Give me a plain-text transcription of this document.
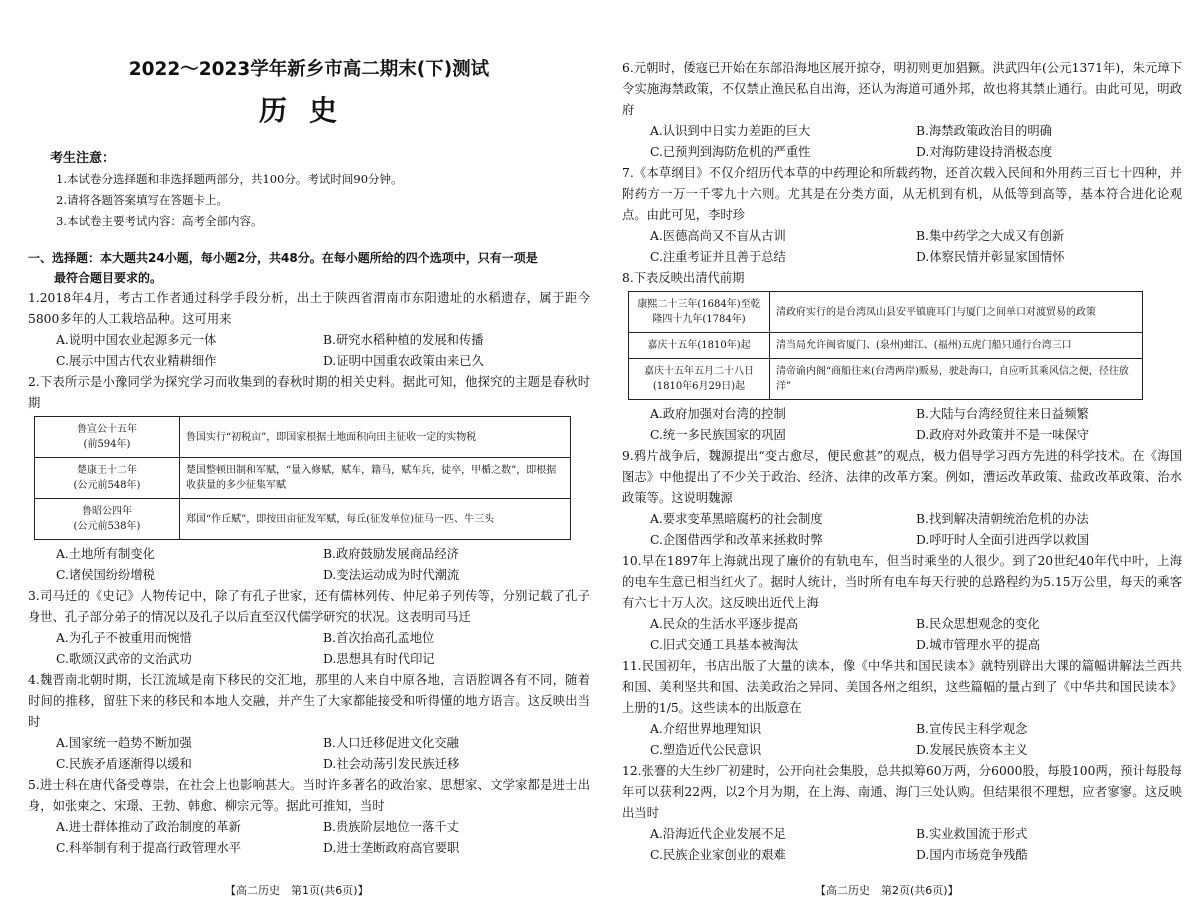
2022～2023学年新乡市高二期末(下)测试
历史
考生注意：
1.本试卷分选择题和非选择题两部分，共100分。考试时间90分钟。
2.请将各题答案填写在答题卡上。
3.本试卷主要考试内容：高考全部内容。
一、选择题：本大题共24小题，每小题2分，共48分。在每小题所给的四个选项中，只有一项是
最符合题目要求的。
1.2018年4月，考古工作者通过科学手段分析，出土于陕西省渭南市东阳遗址的水稻遗存，属于距今5800多年的人工栽培品种。这可用来
A.说明中国农业起源多元一体	B.研究水稻种植的发展和传播
C.展示中国古代农业精耕细作	D.证明中国重农政策由来已久
2.下表所示是小豫同学为探究学习而收集到的春秋时期的相关史料。据此可知，他探究的主题是春秋时期
鲁宣公十五年
(前594年)	鲁国实行“初税亩”，即国家根据土地面积向田主征收一定的实物税
楚康王十二年
(公元前548年)	楚国整顿田制和军赋，“量入修赋，赋车，籍马，赋车兵，徒卒，甲楯之数”，即根据收获量的多少征集军赋
鲁昭公四年
(公元前538年)	郑国“作丘赋”，即按田亩征发军赋，每丘(征发单位)征马一匹、牛三头
A.土地所有制变化	B.政府鼓励发展商品经济
C.诸侯国纷纷增税	D.变法运动成为时代潮流
3.司马迁的《史记》人物传记中，除了有孔子世家，还有儒林列传、仲尼弟子列传等，分别记载了孔子身世、孔子部分弟子的情况以及孔子以后直至汉代儒学研究的状况。这表明司马迁
A.为孔子不被重用而惋惜	B.首次抬高孔孟地位
C.歌颂汉武帝的文治武功	D.思想具有时代印记
4.魏晋南北朝时期，长江流域是南下移民的交汇地，那里的人来自中原各地，言语腔调各有不同，随着时间的推移，留驻下来的移民和本地人交融，并产生了大家都能接受和听得懂的地方语言。这反映出当时
A.国家统一趋势不断加强	B.人口迁移促进文化交融
C.民族矛盾逐渐得以缓和	D.社会动荡引发民族迁移
5.进士科在唐代备受尊崇，在社会上也影响甚大。当时许多著名的政治家、思想家、文学家都是进士出身，如张柬之、宋璟、王勃、韩愈、柳宗元等。据此可推知，当时
A.进士群体推动了政治制度的革新	B.贵族阶层地位一落千丈
C.科举制有利于提高行政管理水平	D.进士垄断政府高官要职
6.元朝时，倭寇已开始在东部沿海地区展开掠夺，明初则更加猖獗。洪武四年(公元1371年)，朱元璋下令实施海禁政策，不仅禁止渔民私自出海，还认为海道可通外邦，故也将其禁止通行。由此可见，明政府
A.认识到中日实力差距的巨大	B.海禁政策政治目的明确
C.已预判到海防危机的严重性	D.对海防建设持消极态度
7.《本草纲目》不仅介绍历代本草的中药理论和所载药物，还首次载入民间和外用药三百七十四种，并附药方一万一千零九十六则。尤其是在分类方面，从无机到有机，从低等到高等，基本符合进化论观点。由此可见，李时珍
A.医德高尚又不盲从古训	B.集中药学之大成又有创新
C.注重考证并且善于总结	D.体察民情并彰显家国情怀
8.下表反映出清代前期
康熙二十三年(1684年)至乾隆四十九年(1784年)	清政府实行的是台湾凤山县安平镇鹿耳门与厦门之间单口对渡贸易的政策
嘉庆十五年(1810年)起	清当局允许闽省厦门、(泉州)蚶江、(福州)五虎门船只通行台湾三口
嘉庆十五年五月二十八日(1810年6月29日)起	清帝谕内阁“商船往来(台湾两岸)贩易，驶赴海口，自应听其乘风信之便，径往放洋”
A.政府加强对台湾的控制	B.大陆与台湾经贸往来日益频繁
C.统一多民族国家的巩固	D.政府对外政策并不是一味保守
9.鸦片战争后，魏源提出“变古愈尽，便民愈甚”的观点，极力倡导学习西方先进的科学技术。在《海国图志》中他提出了不少关于政治、经济、法律的改革方案。例如，漕运改革政策、盐政改革政策、治水政策等。这说明魏源
A.要求变革黑暗腐朽的社会制度	B.找到解决清朝统治危机的办法
C.企图借西学和改革来拯救时弊	D.呼吁时人全面引进西学以救国
10.早在1897年上海就出现了廉价的有轨电车，但当时乘坐的人很少。到了20世纪40年代中叶，上海的电车生意已相当红火了。据时人统计，当时所有电车每天行驶的总路程约为5.15万公里，每天的乘客有六七十万人次。这反映出近代上海
A.民众的生活水平逐步提高	B.民众思想观念的变化
C.旧式交通工具基本被淘汰	D.城市管理水平的提高
11.民国初年，书店出版了大量的读本，像《中华共和国民读本》就特别辟出大课的篇幅讲解法兰西共和国、美利坚共和国、法美政治之异同、美国各州之组织，这些篇幅的量占到了《中华共和国民读本》上册的1/5。这些读本的出版意在
A.介绍世界地理知识	B.宣传民主科学观念
C.塑造近代公民意识	D.发展民族资本主义
12.张謇的大生纱厂初建时，公开向社会集股，总共拟筹60万两，分6000股，每股100两，预计每股每年可以获利22两，以2个月为期，在上海、南通、海门三处认购。但结果很不理想，应者寥寥。这反映出当时
A.沿海近代企业发展不足	B.实业救国流于形式
C.民族企业家创业的艰难	D.国内市场竞争残酷
【高二历史　第1页(共6页)】	【高二历史　第2页(共6页)】
